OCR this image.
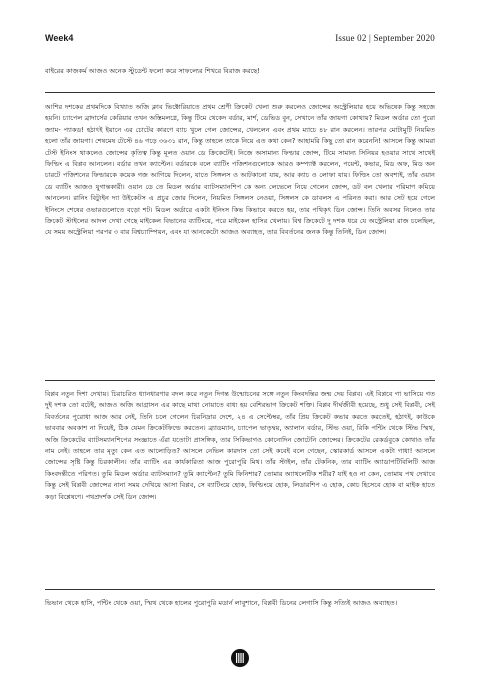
Week4	Issue 02 | September 2020

বাইরের কাজকর্ম আজও অনেক স্টুডেন্ট ফলো করে সাফল্যের শিখরে বিরাজ করছে!

আশির দশকের প্রথমদিকে বিখ্যাত অজি ক্লাব ভিক্টোরিয়াতে প্রথম শ্রেণী ক্রিকেট খেলা শুরু করলেও জোন্সের অস্ট্রেলিয়ার হয়ে অভিষেক কিন্তু সহজে হয়নি। চ্যাপেল ব্রাদার্সের কেরিয়ার তখন অস্তিমলগ্নে, কিন্তু টিমে থেকেদ বর্ডার, মার্শ, ডেভিড বুন, সেখানে তাঁর জায়গা কোথায়? মিডল অর্ডার তো পুরো জ্যাম- প্যাকড! হঠাৎই ইয়ানে এর চোটের কারণে ব্যাচ খুলে গেল জোন্সের, খেললেন এবং প্রথম ম্যাচে ৪৮ রান করলেন। তারপর মোটামুটি নিয়মিত হলো তাঁর জায়গা। শেষমেষ টেস্টে ৪৬ গড়ে ৩৬৩১ রান, কিন্তু তাহলে তাকে নিয়ে এত কথা কেন? আহামরি কিছু তো রান করেননি! আসলে কিন্তু আমরা টেস্ট ইনিংস থাকলেও জোন্সের কৃতিত্ব কিন্তু মূলত ওয়ান ডে ক্রিকেটেই। নিজে অসামান্য ফিল্ডার জোন্স, টিমে সামান্য সিনিয়র হওয়ার সাথে সাথেই ফিল্ডিং এ বিপ্লব আনলেন। বর্ডার তখন ক্যাপ্টেন। বর্ডারকে বলে ব্যাটিং পজিশনগুলোকে আরও কম্প্যাক্ট করলেন, পয়েন্ট, কভার, মিড অফ, মিড অন চারটে পজিশনের ফিল্ডারকে কয়েক গজ আগিয়ে দিলেন, যাতে সিঙ্গলস ও আটকানো যায়, আর ক্যাচ ও লোফা যায়। ফিল্ডিং তো অবশ্যই, তাঁর ওয়ান ডে ব্যাটিং আজও যুগান্তকারী। ওয়ান ডে তে মিডল অর্ডার ব্যাটসম্যানশিপ কে অন্য লেভেলে নিয়ে গেলেন জোন্স, ডট বল খেলার পরিমাণ কমিয়ে আনলেন। রানিং বিট্যুইন দ্যা উইকেটস এ প্রচুর জোর দিলেন, নিয়মিত সিঙ্গলস নেওয়া, সিঙ্গলস কে ডাবলস এ পরিনত করা। আর সেট হয়ে গেলে ইনিংসে শেষের ওভারগুলোতে বড়ো শট। মিডল অর্ডারে একটা ইনিংস কিভ কিভাবে করতে হয়, তার পথিকৃৎ ডিন জোন্স। তিনি অবসর নিলেও তার ক্রিকেট স্টাইলের আদল দেখা গেছে মাইকেল বিভানের ব্যাটিংয়ে, পরে মাইকেল হাসির খেলায়। বিশ্ব ক্রিকেটে দু দশক ধরে যে অস্ট্রেলিয়া রাজ চলেছিল, যে সময় অস্ট্রেলিয়া পরপর ৩ বার বিশ্বচ্যাম্পিয়ন, এবং যা আনকেটো আজও অব্যাহত, তার বিবর্তনের জনক কিন্তু তিনিই, ডিন জোন্স।

বিপ্লব নতুন দিশা দেখায়। চিরাচরিত ধ্যানধারণার বদল করে নতুন দিগন্ত উন্মোচনের সঙ্গে নতুন কিংবদন্তির জন্ম দেয় বিপ্লব। এই বিপ্লবে গা ভাসিয়ে গত দুই দশক তো বটেই, আজও অজি আগ্রাসন এর কাছে মাথা নোয়াতে বাধ্য হয় বেশিরভাগ ক্রিকেট শক্তি। বিপ্লব দীর্ঘজীবী হয়েছে, শুধু সেই বিপ্লবী, সেই বিবর্তনের পুরোধা আজ আর নেই, তিনি চলে গেলেন চিরনিদ্রার দেশে, ২৪ এ সেপ্টেম্বর, তাঁর প্রিয় ক্রিকেট কভার করতে করতেই, হঠাৎই, কাউকে ভাববার অবকাশ না দিয়েই, ঠিক যেমন ক্রিকেটফিল্ডে করতেন। ব্র্যাডম্যান, চ্যাপেল ভাতৃদ্বয়, অ্যালান বর্ডার, স্টিভ ওয়া, রিকি পন্টিং থেকে স্টিভ স্মিথ, অজি ক্রিকেটের ব্যাটসম্যানশিপের সংজ্ঞাতে এঁরা যতোটা প্রাসঙ্গিক, তার সিকিভাগও কোনোদিন জোটেনি জোন্সের। ক্রিকেটের রেকর্ডবুকে কোথাও তাঁর নাম নেই। তাহলে তার মৃত্যু কেন এত আলোড়িত? আসলে নেভিল কারদাস তো সেই কবেই বলে গেছেন, স্কোরকার্ড আসলে একটা গাধা! আসলে জোন্সের সৃষ্টি কিন্তু চিরকালীন। তাঁর ব্যাটিং এর কার্যকারিতা আজ পুরোপুরি মিথ। তাঁর স্টাইল, তাঁর টেকনিক, তার ব্যাটিং অ্যাডাপটিবিলিটি আজ কিংবদন্তীতে পরিণত। তুমি মিডল অর্ডার ব্যাটসম্যান? তুমি ক্যাপ্টেন? তুমি ফিনিশার? তোমার অ্যাথলেটিক শরীর? যাই হও না কেন, তোমায় পথ দেখাবে কিন্তু সেই বিপ্লবী জোন্সের নানা সময় দেখিয়ে আসা বিপ্লব, সে ব্যাটিংয়ে হোক, ফিল্ডিংয়ে হোক, লিডারশিপ এ হোক, কোচ হিসেবে হোক বা মাইক হাতে কড়া বিশ্লেষণে। পথপ্রদর্শক সেই ডিন জোন্স।

ভিভান থেকে হাসি, পন্টিং থেকে ওয়া, স্মিথ থেকে হালের পুরোপুরি মডার্ন লাবুশানে, বিপ্লবী ডিনের লেগাসি কিন্তু সত্যিই আজও অব্যাহত।
